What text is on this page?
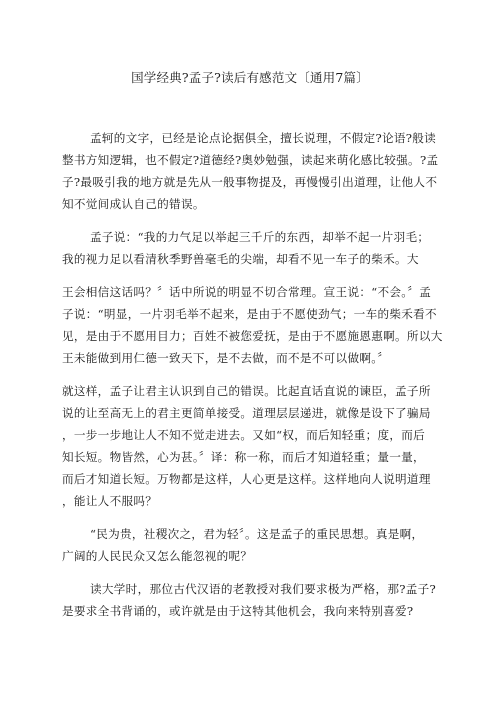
国学经典?孟子?读后有感范文〔通用7篇〕
孟轲的文字，已经是论点论据俱全，擅长说理，不假定?论语?般读
整书方知逻辑，也不假定?道德经?奥妙勉强，读起来萌化感比较强。?孟
子?最吸引我的地方就是先从一般事物提及，再慢慢引出道理，让他人不
知不觉间成认自己的错误。
孟子说：“我的力气足以举起三千斤的东西，却举不起一片羽毛；
我的视力足以看清秋季野兽毫毛的尖端，却看不见一车子的柴禾。大
王会相信这话吗？〞话中所说的明显不切合常理。宣王说：“不会。〞孟
子说：“明显，一片羽毛举不起来，是由于不愿使劲气；一车的柴禾看不
见，是由于不愿用目力；百姓不被您爱抚，是由于不愿施恩惠啊。所以大
王未能做到用仁德一致天下，是不去做，而不是不可以做啊。〞
就这样，孟子让君主认识到自己的错误。比起直话直说的谏臣，孟子所
说的让至高无上的君主更简单接受。道理层层递进，就像是设下了骗局
，一步一步地让人不知不觉走进去。又如“权，而后知轻重；度，而后
知长短。物皆然，心为甚。〞译：称一称，而后才知道轻重；量一量，
而后才知道长短。万物都是这样，人心更是这样。这样地向人说明道理
，能让人不服吗？
“民为贵，社稷次之，君为轻〞。这是孟子的重民思想。真是啊，
广阔的人民民众又怎么能忽视的呢？
读大学时，那位古代汉语的老教授对我们要求极为严格，那?孟子?
是要求全书背诵的，或许就是由于这特其他机会，我向来特别喜爱?
